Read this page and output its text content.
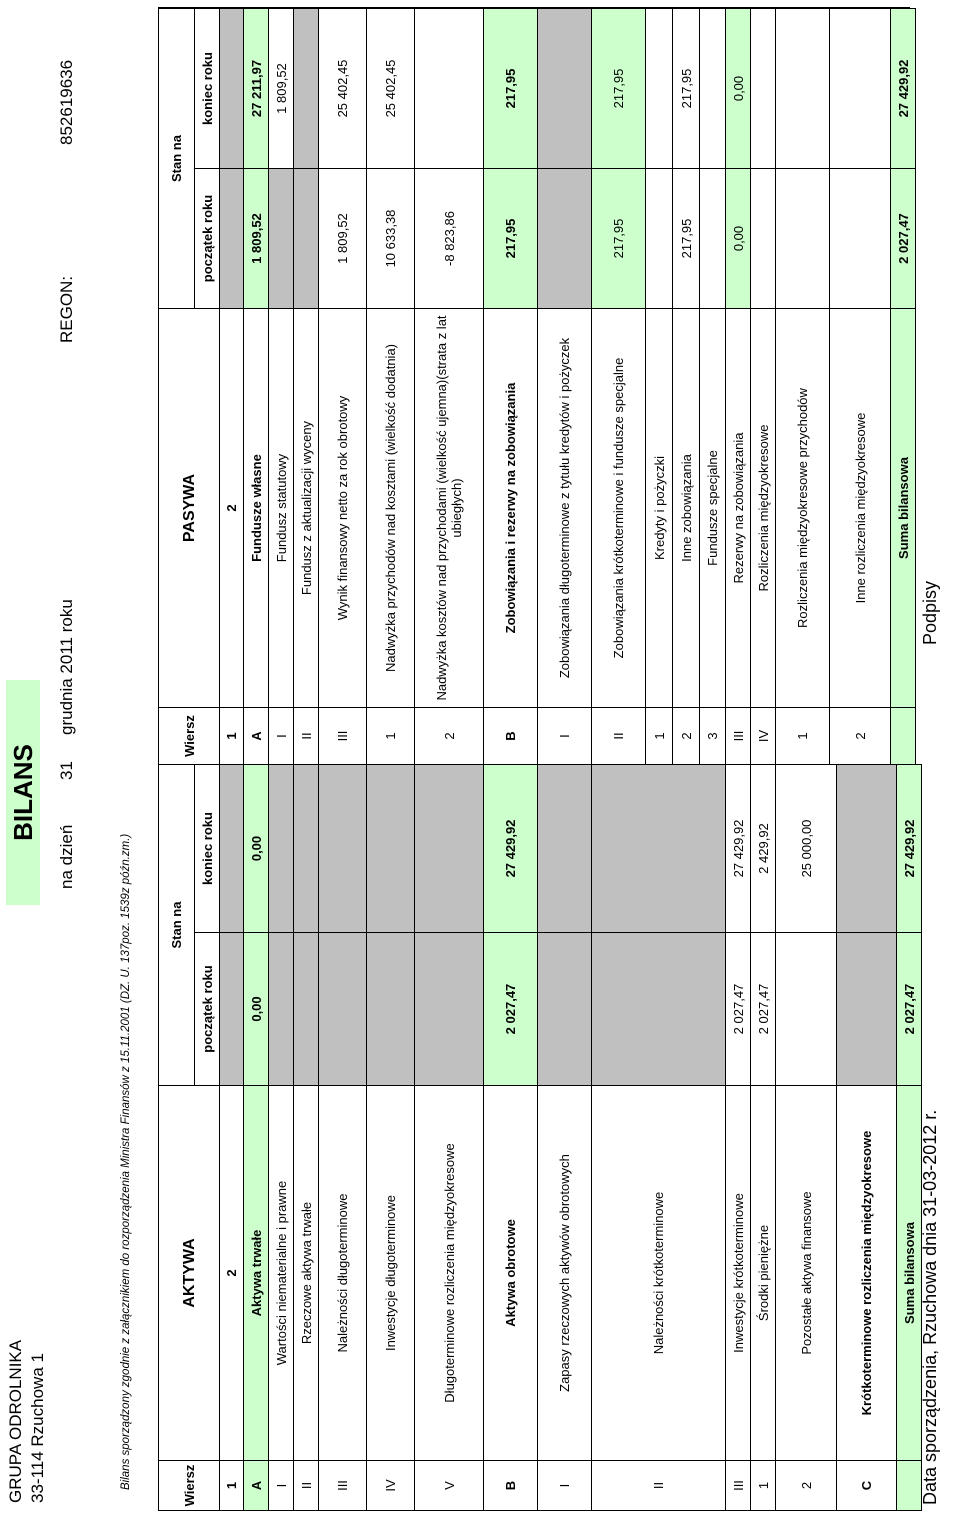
GRUPA ODROLNIKA 33-114 Rzuchowa 1
BILANS
na dzień
31
grudnia 2011 roku
REGON:
852619636
Bilans sporządzony zgodnie z załącznikiem do rozporządzenia Ministra Finansów z 15.11.2001 (DZ. U. 137poz. 1539z późn.zm.)	Wiersz	AKTYWA	Stan na	
		początek roku	koniec roku
1	2		
A	Aktywa trwałe	0,00	0,00
I	Wartości niematerialne i prawne		
II	Rzeczowe aktywa trwałe		
III	Należności długoterminowe		
IV	Inwestycje długoterminowe		
V	Długoterminowe rozliczenia międzyokresowe		
B	Aktywa obrotowe	2 027,47	27 429,92
I	Zapasy rzeczowych aktywów obrotowych		
II	Należności krótkoterminowe		
III	Inwestycje krótkoterminowe	2 027,47	27 429,92
1	Środki pieniężne	2 027,47	2 429,92
2	Pozostałe aktywa finansowe		25 000,00
C	Krótkoterminowe rozliczenia międzyokresowe		
	Suma bilansowa	2 027,47	27 429,92
Wiersz	PASYWA	Stan na	
		początek roku	koniec roku
1	2		
A	Fundusze własne	1 809,52	27 211,97
I	Fundusz statutowy		1 809,52
II	Fundusz z aktualizacji wyceny		
III	Wynik finansowy netto za rok obrotowy	1 809,52	25 402,45
1	Nadwyżka przychodów nad kosztami (wielkość dodatnia)	10 633,38	25 402,45
2	Nadwyżka kosztów nad przychodami (wielkość ujemna)(strata z lat ubiegłych)	-8 823,86	
B	Zobowiązania i rezerwy na zobowiązania	217,95	217,95
I	Zobowiązania długoterminowe z tytułu kredytów i pożyczek		
II	Zobowiązania krótkoterminowe i fundusze specjalne	217,95	217,95
1	Kredyty i pożyczki		
2	Inne zobowiązania	217,95	217,95
3	Fundusze specjalne		
III	Rezerwy na zobowiązania	0,00	0,00
IV	Rozliczenia międzyokresowe		
1	Rozliczenia międzyokresowe przychodów		
2	Inne rozliczenia międzyokresowe		
	Suma bilansowa	2 027,47	27 429,92
Data sporządzenia, Rzuchowa dnia 31-03-2012 r.
Podpisy
